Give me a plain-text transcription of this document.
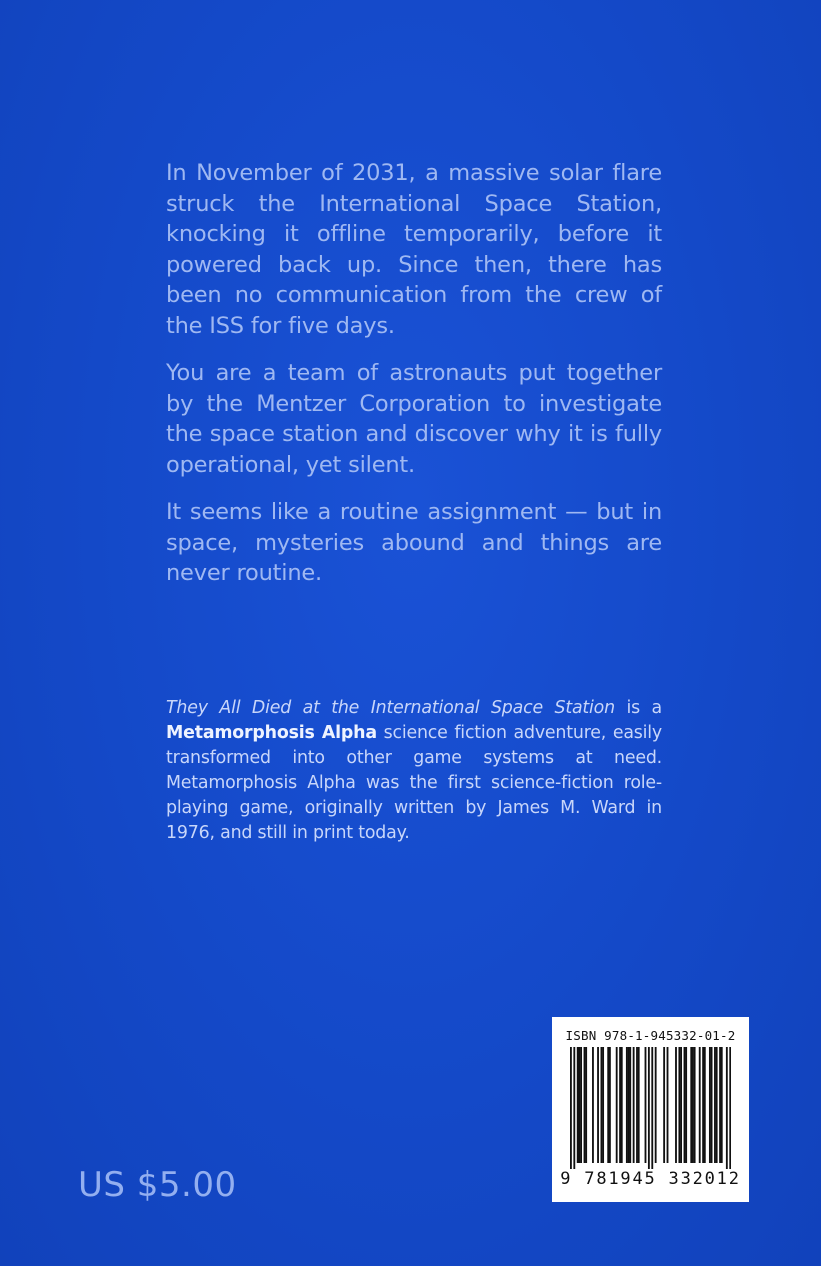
In November of 2031, a massive solar flare struck the International Space Station, knocking it offline temporarily, before it powered back up. Since then, there has been no communication from the crew of the ISS for five days.

You are a team of astronauts put together by the Mentzer Corporation to investigate the space station and discover why it is fully operational, yet silent.

It seems like a routine assignment — but in space, mysteries abound and things are never routine.

They All Died at the International Space Station is a Metamorphosis Alpha science fiction adventure, easily transformed into other game systems at need. Metamorphosis Alpha was the first science-fiction role-playing game, originally written by James M. Ward in 1976, and still in print today.
US $5.00
ISBN 978-1-945332-01-2
9 781945 332012
